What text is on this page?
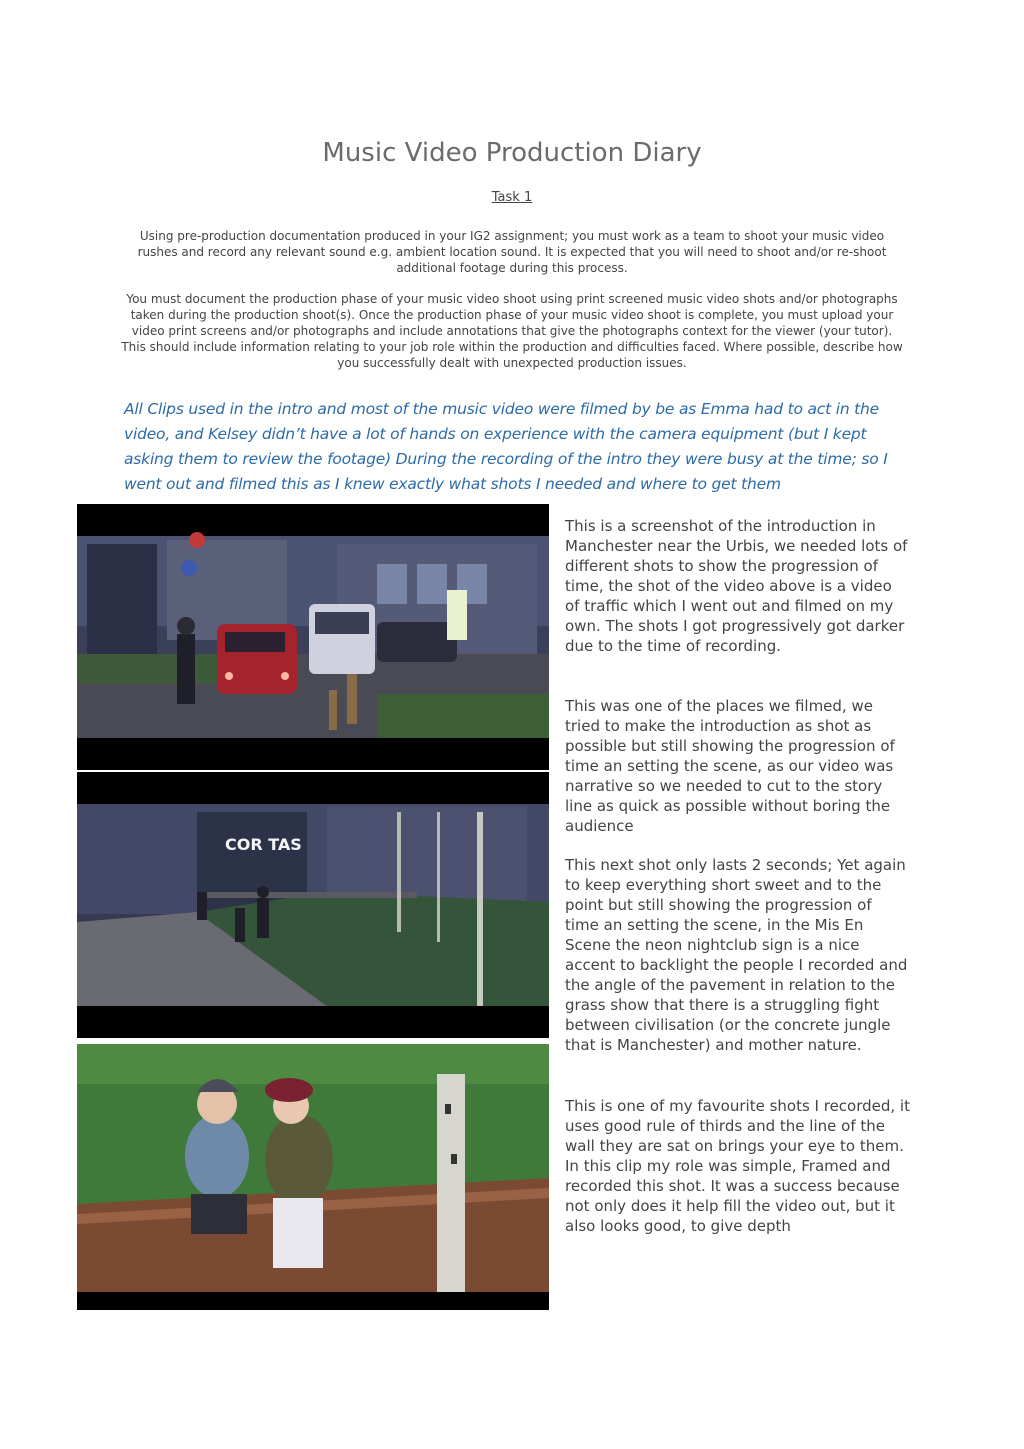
Music Video Production Diary
Task 1
Using pre-production documentation produced in your IG2 assignment; you must work as a team to shoot your music video rushes and record any relevant sound e.g. ambient location sound. It is expected that you will need to shoot and/or re-shoot additional footage during this process.
You must document the production phase of your music video shoot using print screened music video shots and/or photographs taken during the production shoot(s). Once the production phase of your music video shoot is complete, you must upload your video print screens and/or photographs and include annotations that give the photographs context for the viewer (your tutor). This should include information relating to your job role within the production and difficulties faced. Where possible, describe how you successfully dealt with unexpected production issues.
All Clips used in the intro and most of the music video were filmed by be as Emma had to act in the video, and Kelsey didn’t have a lot of hands on experience with the camera equipment (but I kept asking them to review the footage) During the recording of the intro they were busy at the time; so I went out and filmed this as I knew exactly what shots I needed and where to get them
COR TAS
This is a screenshot of the introduction in Manchester near the Urbis, we needed lots of different shots to show the progression of time, the shot of the video above is a video of traffic which I went out and filmed on my own. The shots I got progressively got darker due to the time of recording.
This was one of the places we filmed, we tried to make the introduction as shot as possible but still showing the progression of time an setting the scene, as our video was narrative so we needed to cut to the story line as quick as possible without boring the audience
This next shot only lasts 2 seconds; Yet again to keep everything short sweet and to the point but still showing the progression of time an setting the scene, in the Mis En Scene the neon nightclub sign is a nice accent to backlight the people I recorded and the angle of the pavement in relation to the grass show that there is a struggling fight between civilisation (or the concrete jungle that is Manchester) and mother nature.
This is one of my favourite shots I recorded, it uses good rule of thirds and the line of the wall they are sat on brings your eye to them.
In this clip my role was simple, Framed and recorded this shot. It was a success because not only does it help fill the video out, but it also looks good, to give depth
